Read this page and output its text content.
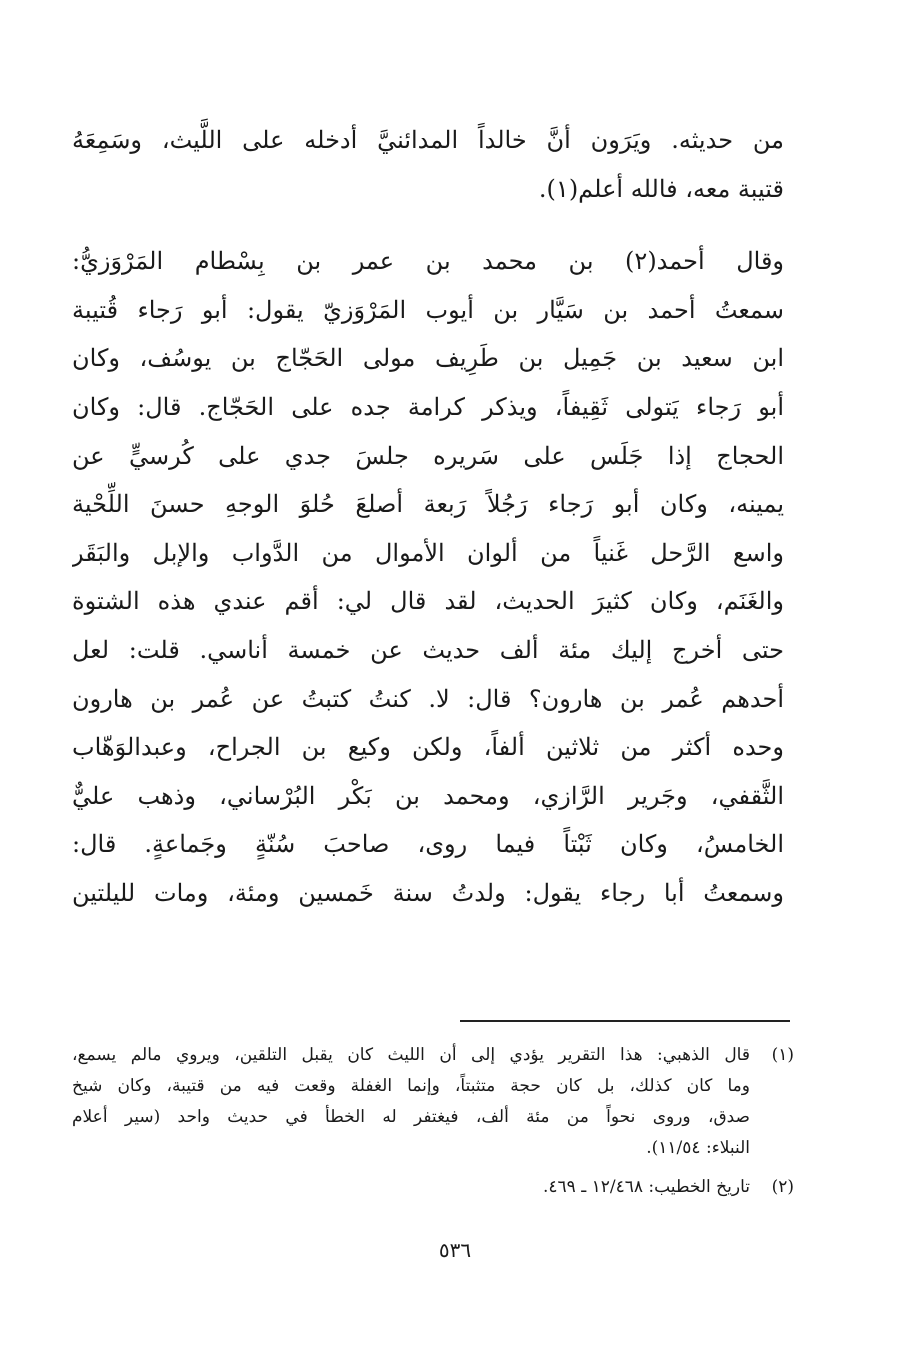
من حديثه. ويَرَون أنَّ خالداً المدائنيَّ أدخله على اللَّيث، وسَمِعَهُ
قتيبة معه، فالله أعلم(١).
وقال أحمد(٢) بن محمد بن عمر بن بِسْطام المَرْوَزيُّ:
سمعتُ أحمد بن سَيَّار بن أيوب المَرْوَزيّ يقول: أبو رَجاء قُتيبة
ابن سعيد بن جَمِيل بن طَرِيف مولى الحَجّاج بن يوسُف، وكان
أبو رَجاء يَتولى ثَقِيفاً، ويذكر كرامة جده على الحَجّاج. قال: وكان
الحجاج إذا جَلَس على سَريره جلسَ جدي على كُرسيٍّ عن
يمينه، وكان أبو رَجاء رَجُلاً رَبعة أصلعَ حُلوَ الوجهِ حسنَ اللِّحْية
واسع الرَّحل غَنياً من ألوان الأموال من الدَّواب والإبل والبَقَر
والغَنَم، وكان كثيرَ الحديث، لقد قال لي: أقم عندي هذه الشتوة
حتى أخرج إليك مئة ألف حديث عن خمسة أناسي. قلت: لعل
أحدهم عُمر بن هارون؟ قال: لا. كنتُ كتبتُ عن عُمر بن هارون
وحده أكثر من ثلاثين ألفاً، ولكن وكيع بن الجراح، وعبدالوَهّاب
الثَّقفي، وجَرير الرَّازي، ومحمد بن بَكْر البُرْساني، وذهب عليٌّ
الخامسُ، وكان ثَبْتاً فيما روى، صاحبَ سُنّةٍ وجَماعةٍ. قال:
وسمعتُ أبا رجاء يقول: ولدتُ سنة خَمسين ومئة، ومات لليلتين
(١)
قال الذهبي: هذا التقرير يؤدي إلى أن الليث كان يقبل التلقين، ويروي مالم يسمع،
وما كان كذلك، بل كان حجة متثبتاً، وإنما الغفلة وقعت فيه من قتيبة، وكان شيخ
صدق، وروى نحواً من مئة ألف، فيغتفر له الخطأ في حديث واحد (سير أعلام
النبلاء: ١١/٥٤).
(٢)
تاريخ الخطيب: ١٢/٤٦٨ ـ ٤٦٩.
٥٣٦
